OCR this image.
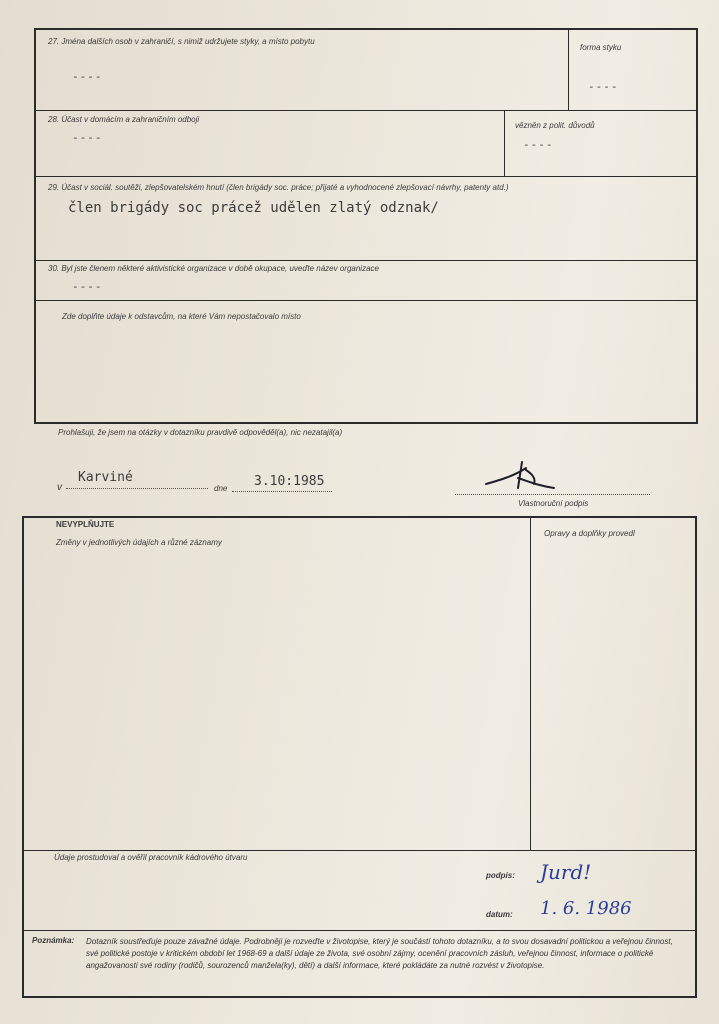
27. Jména dalších osob v zahraničí, s nimiž udržujete styky, a místo pobytu
----
forma styku
----
28. Účast v domácím a zahraničním odboji
----
vězněn z polit. důvodů
----
29. Účast v sociál. soutěži, zlepšovatelském hnutí (člen brigády soc. práce; přijaté a vyhodnocené zlepšovací návrhy, patenty atd.)
člen brigády soc prácež udělen zlatý odznak/
30. Byl jste členem některé aktivistické organizace v době okupace, uveďte název organizace
----
Zde doplňte údaje k odstavcům, na které Vám nepostačovalo místo
Prohlašuji, že jsem na otázky v dotazníku pravdivě odpověděl(a), nic nezatajil(a)
v
Karviné
dne 3.10:1985
Vlastnoruční podpis
NEVYPLŇUJTE
Změny v jednotlivých údajích a různé záznamy
Opravy a doplňky provedl
Údaje prostudoval a ověřil pracovník kádrového útvaru
podpis: Jurd!
datum: 1. 6. 1986
Poznámka: Dotazník soustřeďuje pouze závažné údaje. Podrobněji je rozveďte v životopise, který je součástí tohoto dotazníku, a to svou dosavadní politickou a veřejnou činnost, své politické postoje v kritickém období let 1968-69 a další údaje ze života, své osobní zájmy, ocenění pracovních zásluh, veřejnou činnost, informace o politické angažovanosti své rodiny (rodičů, sourozenců manžela(ky), dětí) a další informace, které pokládáte za nutné rozvést v životopise.
